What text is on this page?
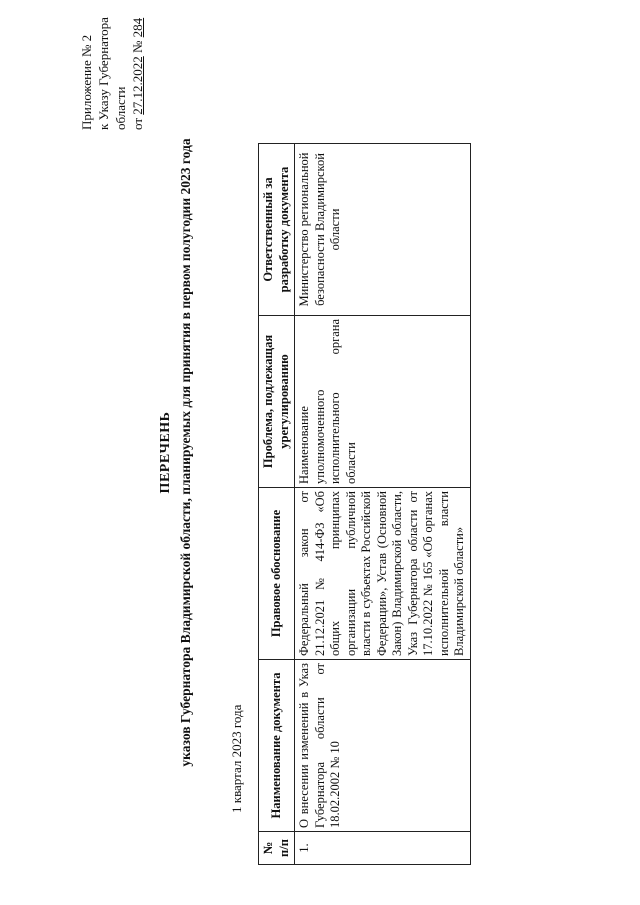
Приложение № 2 к Указу Губернатора области от 27.12.2022 № 284
ПЕРЕЧЕНЬ указов Губернатора Владимирской области, планируемых для принятия в первом полугодии 2023 года	1 квартал 2023 года
№ п/п	Наименование документа	Правовое обоснование	Проблема, подлежащая урегулированию	Ответственный за разработку документа
1.	О внесении изменений в Указ Губернатора области от 18.02.2002 № 10	Федеральный закон от 21.12.2021 № 414-ФЗ «Об общих принципах организации публичной власти в субъектах Российской Федерации», Устав (Основной Закон) Владимирской области, Указ Губернатора области от 17.10.2022 № 165 «Об органах исполнительной власти Владимирской области»	Наименование уполномоченного исполнительного органа области	Министерство региональной безопасности Владимирской области
